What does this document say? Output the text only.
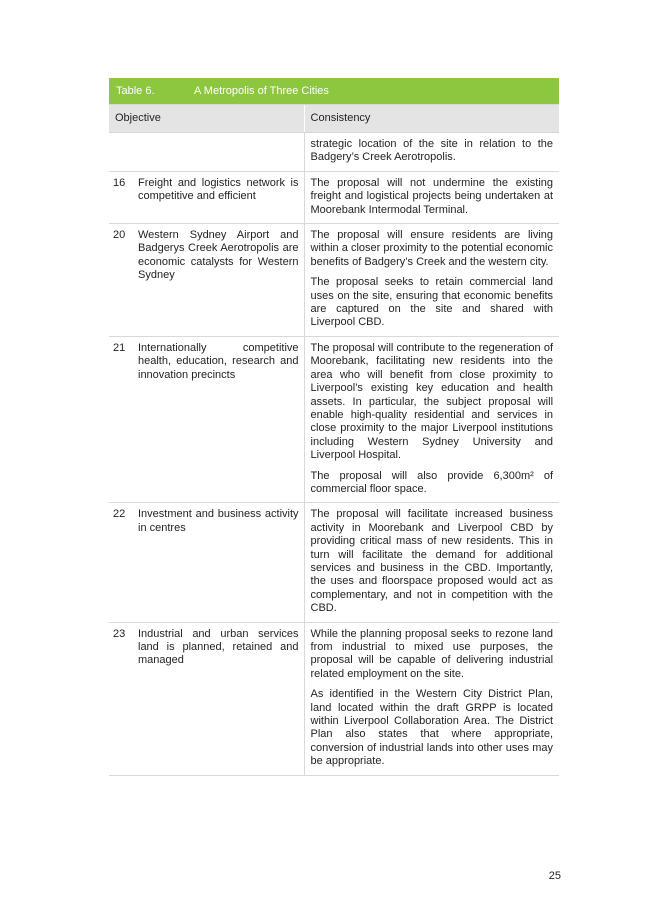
Table 6.	A Metropolis of Three Cities
Objective		Consistency

		strategic location of the site in relation to the Badgery’s Creek Aerotropolis.

16	Freight and logistics network is competitive and efficient	The proposal will not undermine the existing freight and logistical projects being undertaken at Moorebank Intermodal Terminal.

20	Western Sydney Airport and Badgerys Creek Aerotropolis are economic catalysts for Western Sydney	The proposal will ensure residents are living within a closer proximity to the potential economic benefits of Badgery’s Creek and the western city.

The proposal seeks to retain commercial land uses on the site, ensuring that economic benefits are captured on the site and shared with Liverpool CBD.

21	Internationally competitive health, education, research and innovation precincts	The proposal will contribute to the regeneration of Moorebank, facilitating new residents into the area who will benefit from close proximity to Liverpool’s existing key education and health assets. In particular, the subject proposal will enable high-quality residential and services in close proximity to the major Liverpool institutions including Western Sydney University and Liverpool Hospital.

The proposal will also provide 6,300m² of commercial floor space.

22	Investment and business activity in centres	The proposal will facilitate increased business activity in Moorebank and Liverpool CBD by providing critical mass of new residents. This in turn will facilitate the demand for additional services and business in the CBD. Importantly, the uses and floorspace proposed would act as complementary, and not in competition with the CBD.

23	Industrial and urban services land is planned, retained and managed	While the planning proposal seeks to rezone land from industrial to mixed use purposes, the proposal will be capable of delivering industrial related employment on the site.

As identified in the Western City District Plan, land located within the draft GRPP is located within Liverpool Collaboration Area. The District Plan also states that where appropriate, conversion of industrial lands into other uses may be appropriate.

25
